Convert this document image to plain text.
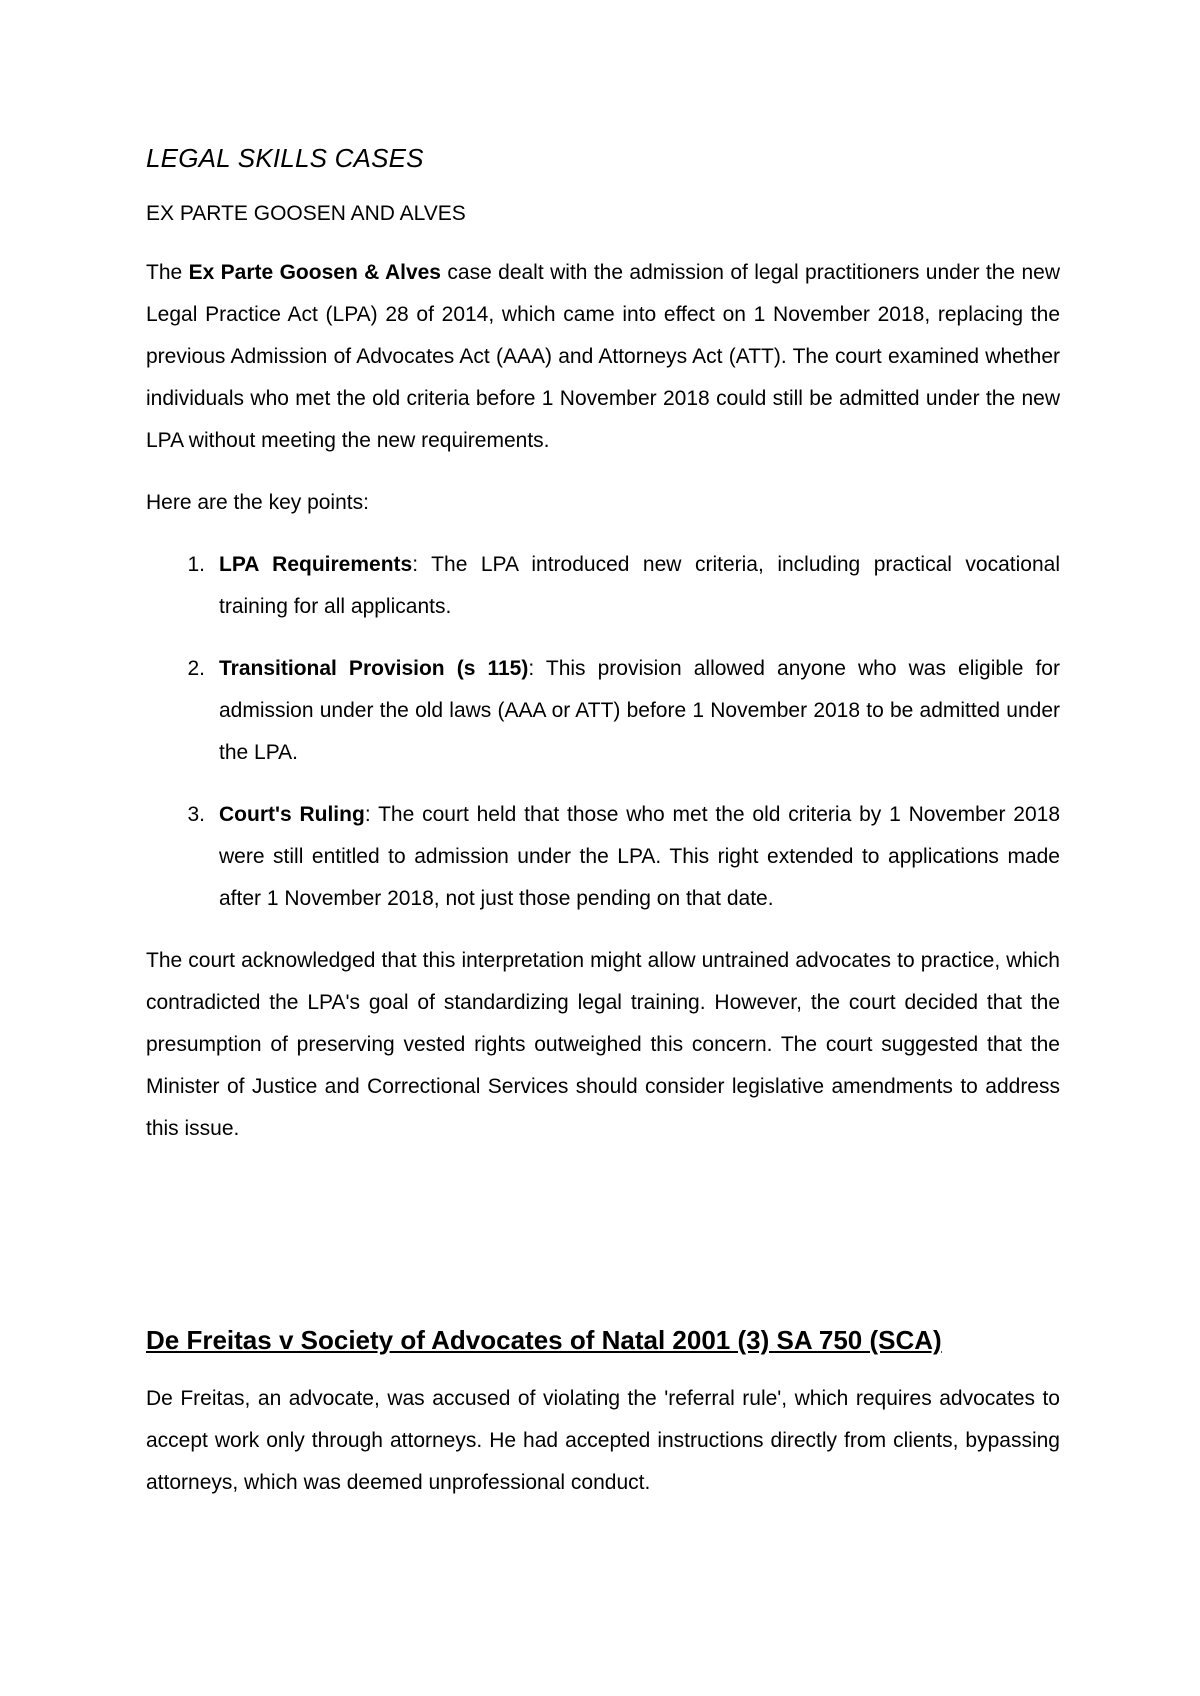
LEGAL SKILLS CASES
EX PARTE GOOSEN AND ALVES

The Ex Parte Goosen & Alves case dealt with the admission of legal practitioners under the new Legal Practice Act (LPA) 28 of 2014, which came into effect on 1 November 2018, replacing the previous Admission of Advocates Act (AAA) and Attorneys Act (ATT). The court examined whether individuals who met the old criteria before 1 November 2018 could still be admitted under the new LPA without meeting the new requirements.

Here are the key points:

1. LPA Requirements: The LPA introduced new criteria, including practical vocational training for all applicants.
2. Transitional Provision (s 115): This provision allowed anyone who was eligible for admission under the old laws (AAA or ATT) before 1 November 2018 to be admitted under the LPA.
3. Court's Ruling: The court held that those who met the old criteria by 1 November 2018 were still entitled to admission under the LPA. This right extended to applications made after 1 November 2018, not just those pending on that date.

The court acknowledged that this interpretation might allow untrained advocates to practice, which contradicted the LPA's goal of standardizing legal training. However, the court decided that the presumption of preserving vested rights outweighed this concern. The court suggested that the Minister of Justice and Correctional Services should consider legislative amendments to address this issue.

De Freitas v Society of Advocates of Natal 2001 (3) SA 750 (SCA)

De Freitas, an advocate, was accused of violating the 'referral rule', which requires advocates to accept work only through attorneys. He had accepted instructions directly from clients, bypassing attorneys, which was deemed unprofessional conduct.
